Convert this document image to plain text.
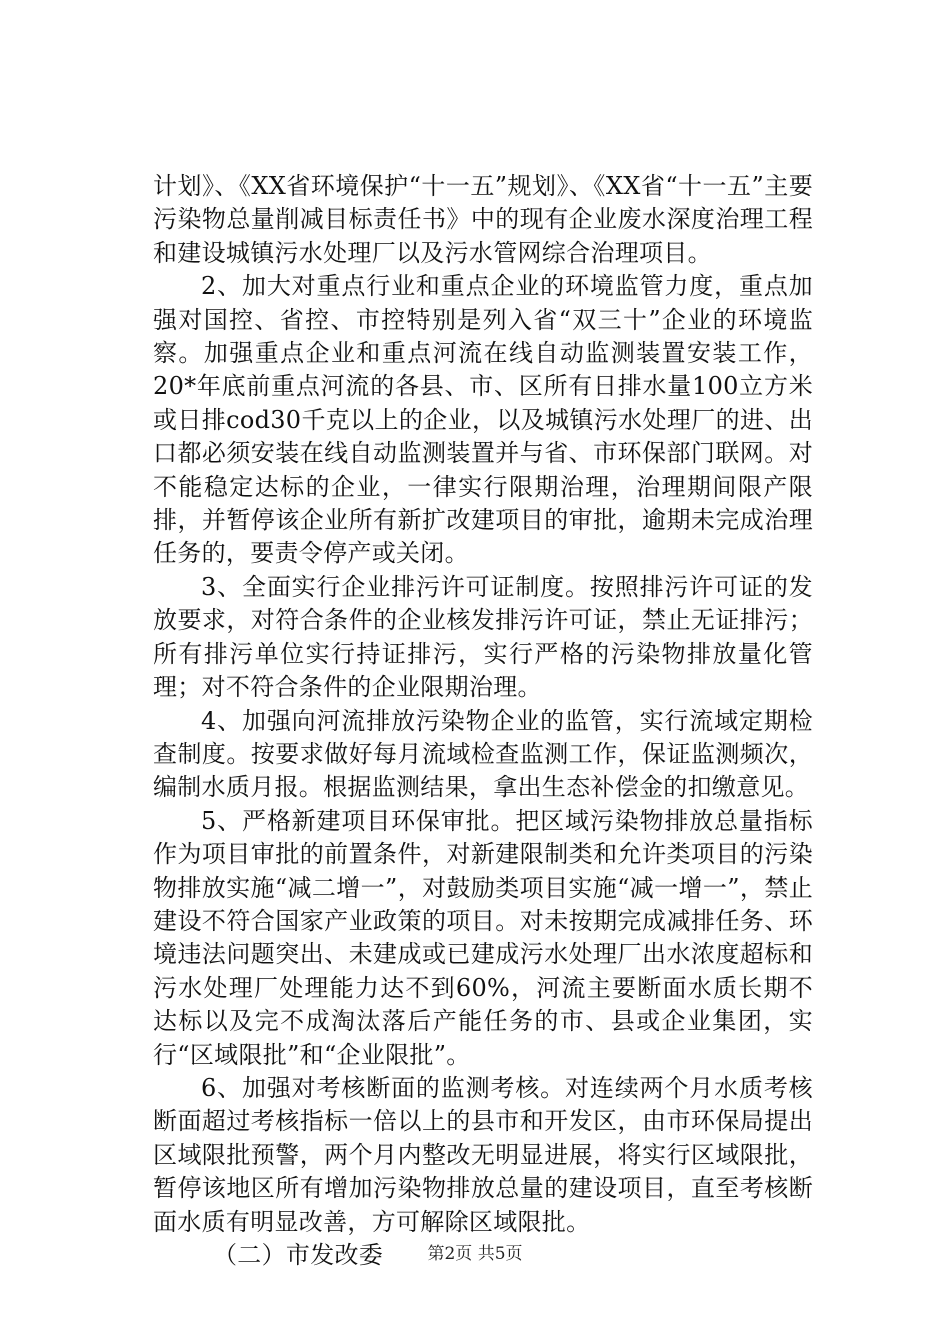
计划》、《XX省环境保护“十一五”规划》、《XX省“十一五”主要污染物总量削减目标责任书》中的现有企业废水深度治理工程和建设城镇污水处理厂以及污水管网综合治理项目。

2、加大对重点行业和重点企业的环境监管力度，重点加强对国控、省控、市控特别是列入省“双三十”企业的环境监察。加强重点企业和重点河流在线自动监测装置安装工作，20*年底前重点河流的各县、市、区所有日排水量100立方米或日排cod30千克以上的企业，以及城镇污水处理厂的进、出口都必须安装在线自动监测装置并与省、市环保部门联网。对不能稳定达标的企业，一律实行限期治理，治理期间限产限排，并暂停该企业所有新扩改建项目的审批，逾期未完成治理任务的，要责令停产或关闭。

3、全面实行企业排污许可证制度。按照排污许可证的发放要求，对符合条件的企业核发排污许可证，禁止无证排污；所有排污单位实行持证排污，实行严格的污染物排放量化管理；对不符合条件的企业限期治理。

4、加强向河流排放污染物企业的监管，实行流域定期检查制度。按要求做好每月流域检查监测工作，保证监测频次，编制水质月报。根据监测结果，拿出生态补偿金的扣缴意见。

5、严格新建项目环保审批。把区域污染物排放总量指标作为项目审批的前置条件，对新建限制类和允许类项目的污染物排放实施“减二增一”，对鼓励类项目实施“减一增一”，禁止建设不符合国家产业政策的项目。对未按期完成减排任务、环境违法问题突出、未建成或已建成污水处理厂出水浓度超标和污水处理厂处理能力达不到60%，河流主要断面水质长期不达标以及完不成淘汰落后产能任务的市、县或企业集团，实行“区域限批”和“企业限批”。

6、加强对考核断面的监测考核。对连续两个月水质考核断面超过考核指标一倍以上的县市和开发区，由市环保局提出区域限批预警，两个月内整改无明显进展，将实行区域限批，暂停该地区所有增加污染物排放总量的建设项目，直至考核断面水质有明显改善，方可解除区域限批。

（二）市发改委	第2页 共5页
